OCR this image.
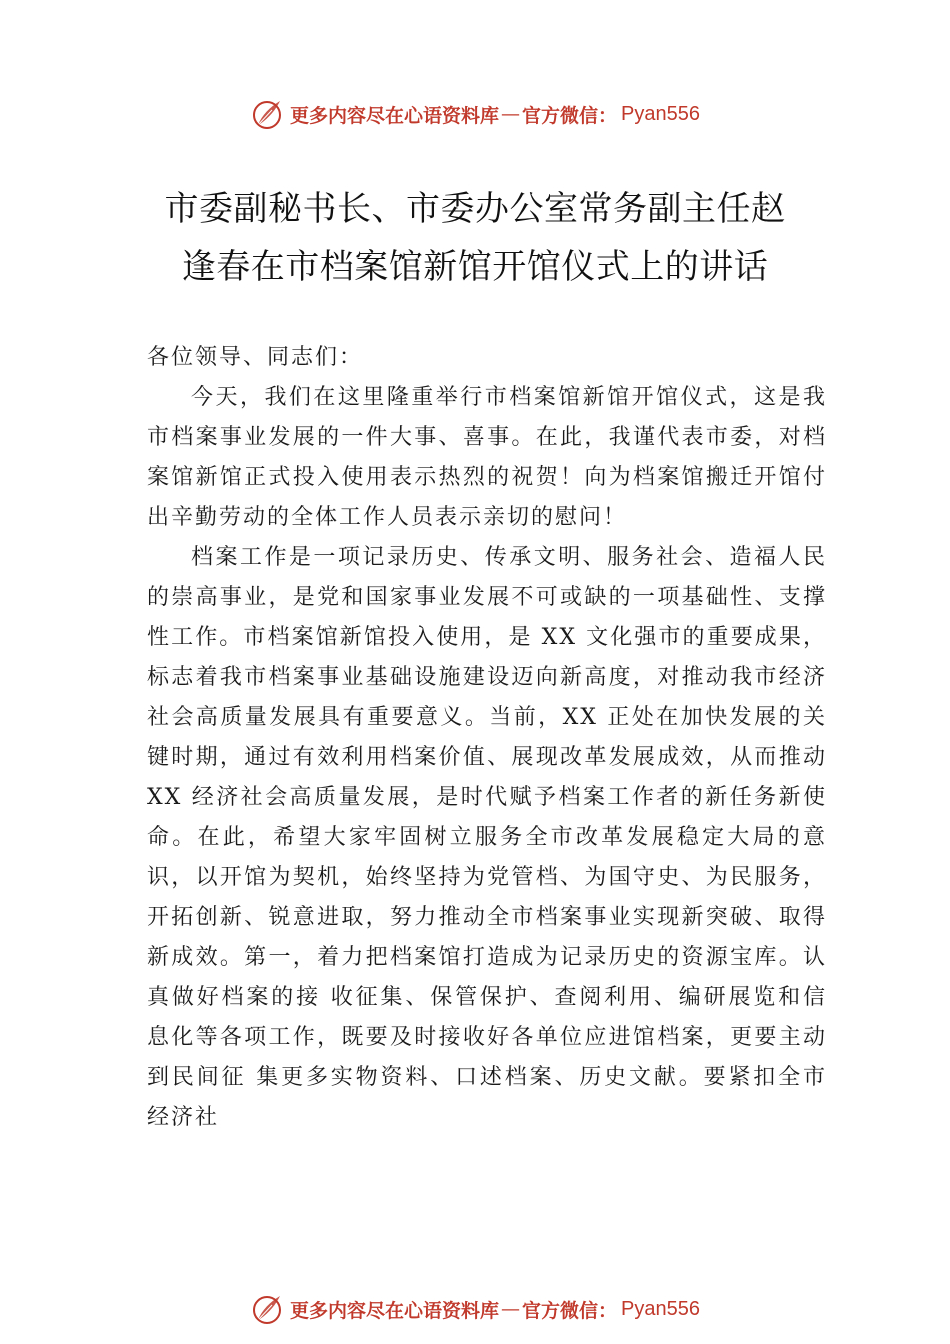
更多内容尽在心语资料库 — 官方微信： Pyan556
市委副秘书长、市委办公室常务副主任赵
逢春在市档案馆新馆开馆仪式上的讲话

各位领导、同志们：

今天，我们在这里隆重举行市档案馆新馆开馆仪式，这是我市档案事业发展的一件大事、喜事。在此，我谨代表市委，对档案馆新馆正式投入使用表示热烈的祝贺！向为档案馆搬迁开馆付出辛勤劳动的全体工作人员表示亲切的慰问！

档案工作是一项记录历史、传承文明、服务社会、造福人民的崇高事业，是党和国家事业发展不可或缺的一项基础性、支撑性工作。市档案馆新馆投入使用，是 XX 文化强市的重要成果，标志着我市档案事业基础设施建设迈向新高度，对推动我市经济社会高质量发展具有重要意义。当前，XX 正处在加快发展的关键时期，通过有效利用档案价值、展现改革发展成效，从而推动 XX 经济社会高质量发展，是时代赋予档案工作者的新任务新使命。在此，希望大家牢固树立服务全市改革发展稳定大局的意识，以开馆为契机，始终坚持为党管档、为国守史、为民服务，开拓创新、锐意进取，努力推动全市档案事业实现新突破、取得新成效。第一，着力把档案馆打造成为记录历史的资源宝库。认真做好档案的接 收征集、保管保护、查阅利用、编研展览和信息化等各项工作，既要及时接收好各单位应进馆档案，更要主动到民间征 集更多实物资料、口述档案、历史文献。要紧扣全市经济社

更多内容尽在心语资料库 — 官方微信： Pyan556
